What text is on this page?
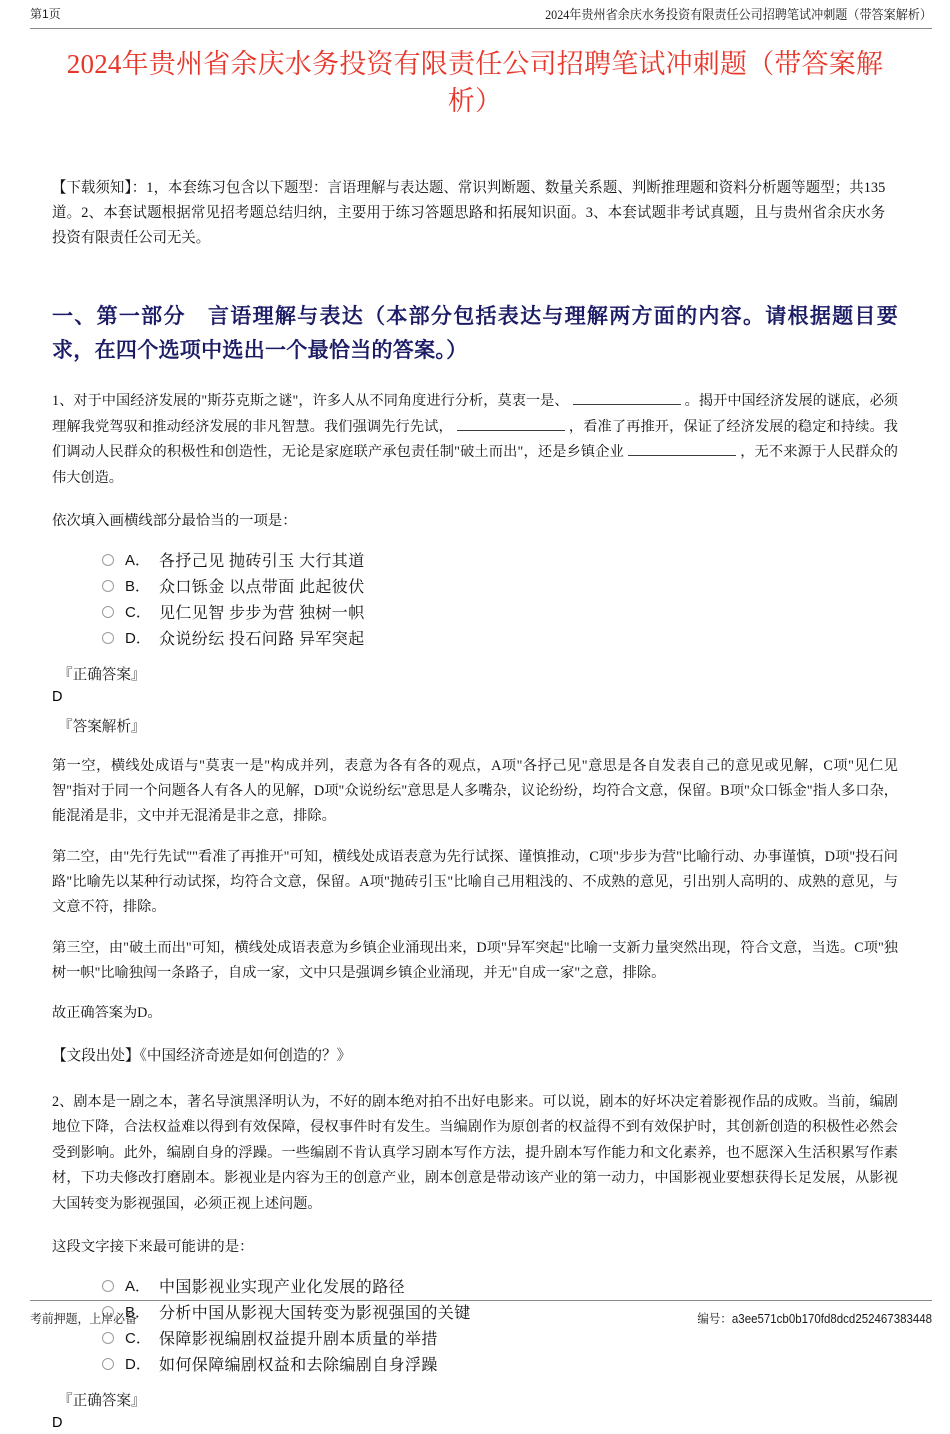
第1页	2024年贵州省余庆水务投资有限责任公司招聘笔试冲刺题（带答案解析）
2024年贵州省余庆水务投资有限责任公司招聘笔试冲刺题（带答案解析）

【下载须知】：1，本套练习包含以下题型：言语理解与表达题、常识判断题、数量关系题、判断推理题和资料分析题等题型；共135道。2、本套试题根据常见招考题总结归纳，主要用于练习答题思路和拓展知识面。3、本套试题非考试真题，且与贵州省余庆水务投资有限责任公司无关。

一、第一部分　言语理解与表达（本部分包括表达与理解两方面的内容。请根据题目要求，在四个选项中选出一个最恰当的答案。）

1、对于中国经济发展的"斯芬克斯之谜"，许多人从不同角度进行分析，莫衷一是、	。揭开中国经济发展的谜底，必须理解我党驾驭和推动经济发展的非凡智慧。我们强调先行先试，	，看准了再推开，保证了经济发展的稳定和持续。我们调动人民群众的积极性和创造性，无论是家庭联产承包责任制"破土而出"，还是乡镇企业	，无不来源于人民群众的伟大创造。

依次填入画横线部分最恰当的一项是：

A． 各抒己见 抛砖引玉 大行其道
B． 众口铄金 以点带面 此起彼伏
C． 见仁见智 步步为营 独树一帜
D． 众说纷纭 投石问路 异军突起
『正确答案』
D
『答案解析』

第一空，横线处成语与"莫衷一是"构成并列，表意为各有各的观点，A项"各抒己见"意思是各自发表自己的意见或见解，C项"见仁见智"指对于同一个问题各人有各人的见解，D项"众说纷纭"意思是人多嘴杂，议论纷纷，均符合文意，保留。B项"众口铄金"指人多口杂，能混淆是非，文中并无混淆是非之意，排除。

第二空，由"先行先试""看准了再推开"可知，横线处成语表意为先行试探、谨慎推动，C项"步步为营"比喻行动、办事谨慎，D项"投石问路"比喻先以某种行动试探，均符合文意，保留。A项"抛砖引玉"比喻自己用粗浅的、不成熟的意见，引出别人高明的、成熟的意见，与文意不符，排除。

第三空，由"破土而出"可知，横线处成语表意为乡镇企业涌现出来，D项"异军突起"比喻一支新力量突然出现，符合文意，当选。C项"独树一帜"比喻独闯一条路子，自成一家，文中只是强调乡镇企业涌现，并无"自成一家"之意，排除。

故正确答案为D。

【文段出处】《中国经济奇迹是如何创造的？》

2、剧本是一剧之本，著名导演黑泽明认为，不好的剧本绝对拍不出好电影来。可以说，剧本的好坏决定着影视作品的成败。当前，编剧地位下降，合法权益难以得到有效保障，侵权事件时有发生。当编剧作为原创者的权益得不到有效保护时，其创新创造的积极性必然会受到影响。此外，编剧自身的浮躁。一些编剧不肯认真学习剧本写作方法，提升剧本写作能力和文化素养，也不愿深入生活积累写作素材，下功夫修改打磨剧本。影视业是内容为王的创意产业，剧本创意是带动该产业的第一动力，中国影视业要想获得长足发展，从影视大国转变为影视强国，必须正视上述问题。

这段文字接下来最可能讲的是：

A． 中国影视业实现产业化发展的路径
B． 分析中国从影视大国转变为影视强国的关键
C． 保障影视编剧权益提升剧本质量的举措
D． 如何保障编剧权益和去除编剧自身浮躁
『正确答案』
D
考前押题，上岸必备	编号：a3ee571cb0b170fd8dcd252467383448
